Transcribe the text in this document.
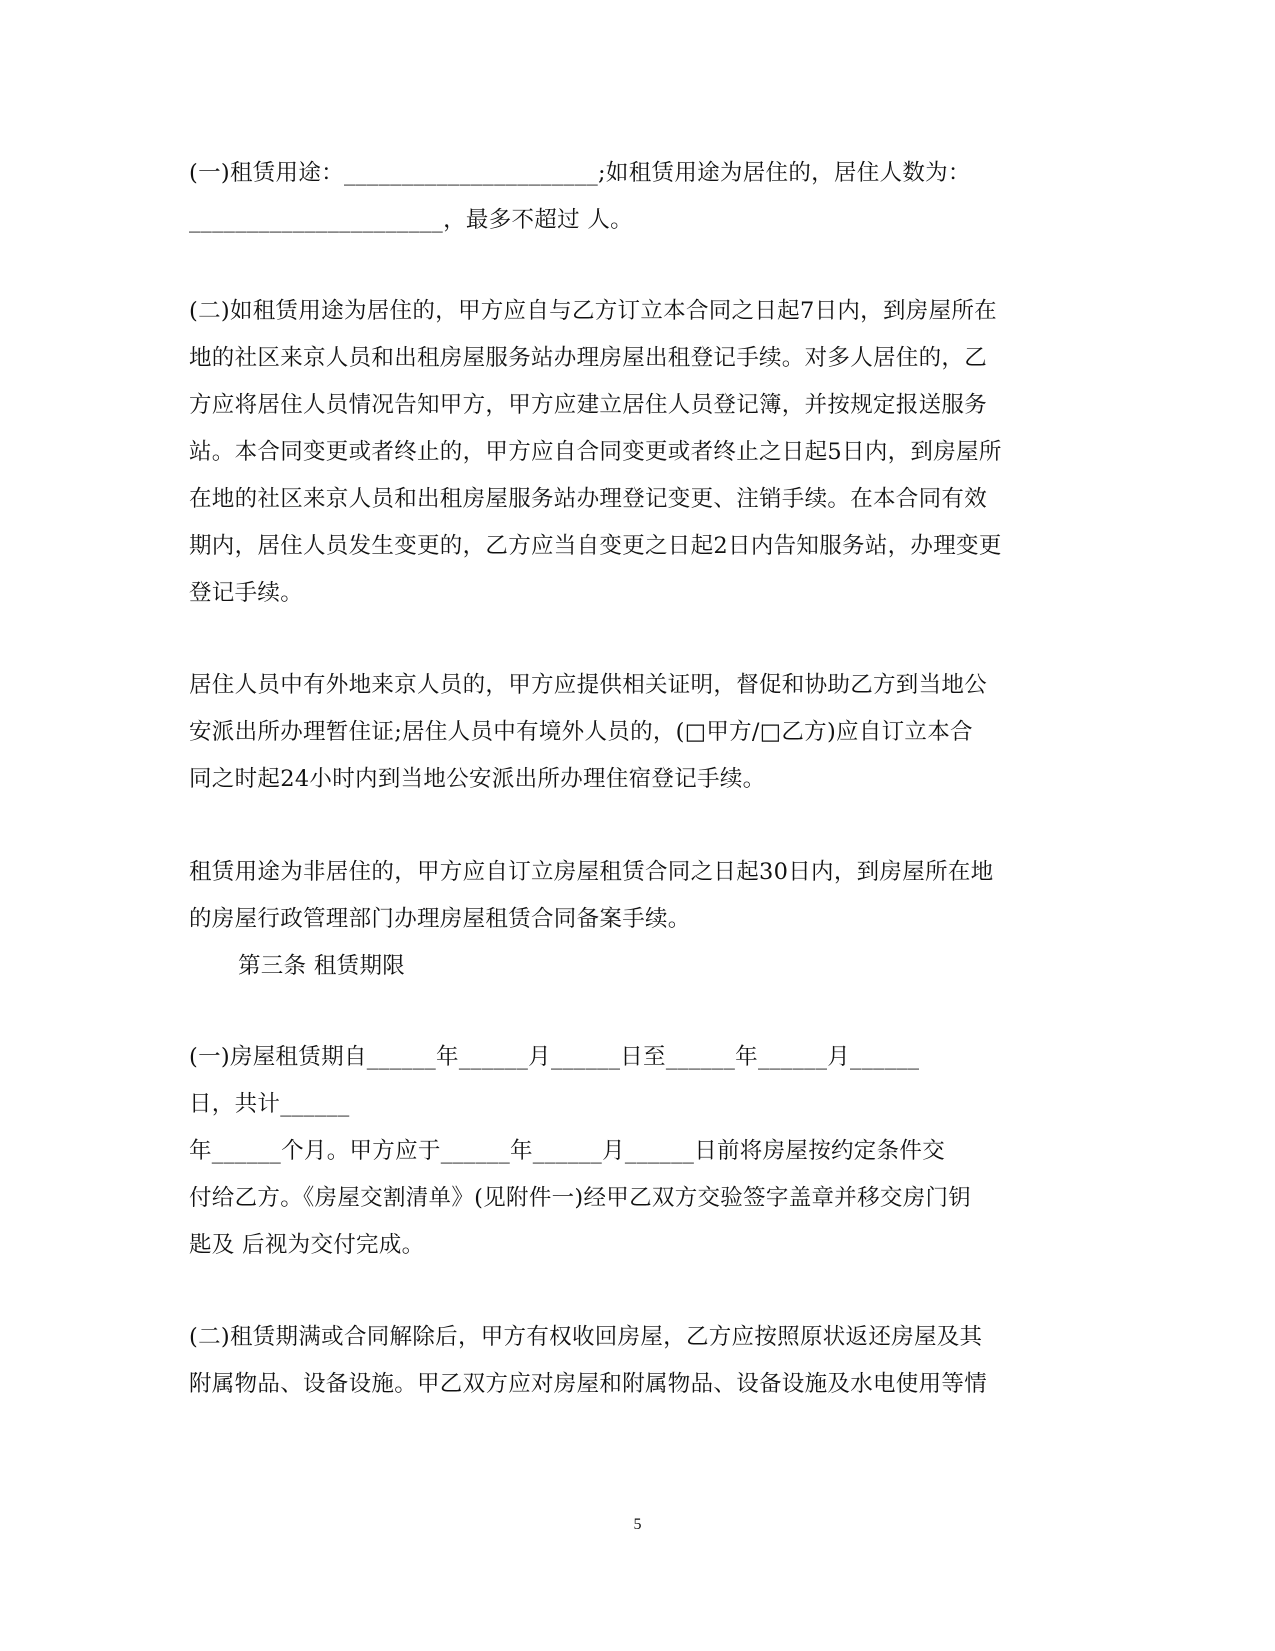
(一)租赁用途：______________________;如租赁用途为居住的，居住人数为：
______________________，最多不超过 人。
(二)如租赁用途为居住的，甲方应自与乙方订立本合同之日起7日内，到房屋所在
地的社区来京人员和出租房屋服务站办理房屋出租登记手续。对多人居住的，乙
方应将居住人员情况告知甲方，甲方应建立居住人员登记簿，并按规定报送服务
站。本合同变更或者终止的，甲方应自合同变更或者终止之日起5日内，到房屋所
在地的社区来京人员和出租房屋服务站办理登记变更、注销手续。在本合同有效
期内，居住人员发生变更的，乙方应当自变更之日起2日内告知服务站，办理变更
登记手续。
居住人员中有外地来京人员的，甲方应提供相关证明，督促和协助乙方到当地公
安派出所办理暂住证;居住人员中有境外人员的，(□甲方/□乙方)应自订立本合
同之时起24小时内到当地公安派出所办理住宿登记手续。
租赁用途为非居住的，甲方应自订立房屋租赁合同之日起30日内，到房屋所在地
的房屋行政管理部门办理房屋租赁合同备案手续。
第三条 租赁期限
(一)房屋租赁期自______年______月______日至______年______月______
日，共计______
年______个月。甲方应于______年______月______日前将房屋按约定条件交
付给乙方。《房屋交割清单》(见附件一)经甲乙双方交验签字盖章并移交房门钥
匙及 后视为交付完成。
(二)租赁期满或合同解除后，甲方有权收回房屋，乙方应按照原状返还房屋及其
附属物品、设备设施。甲乙双方应对房屋和附属物品、设备设施及水电使用等情
5
